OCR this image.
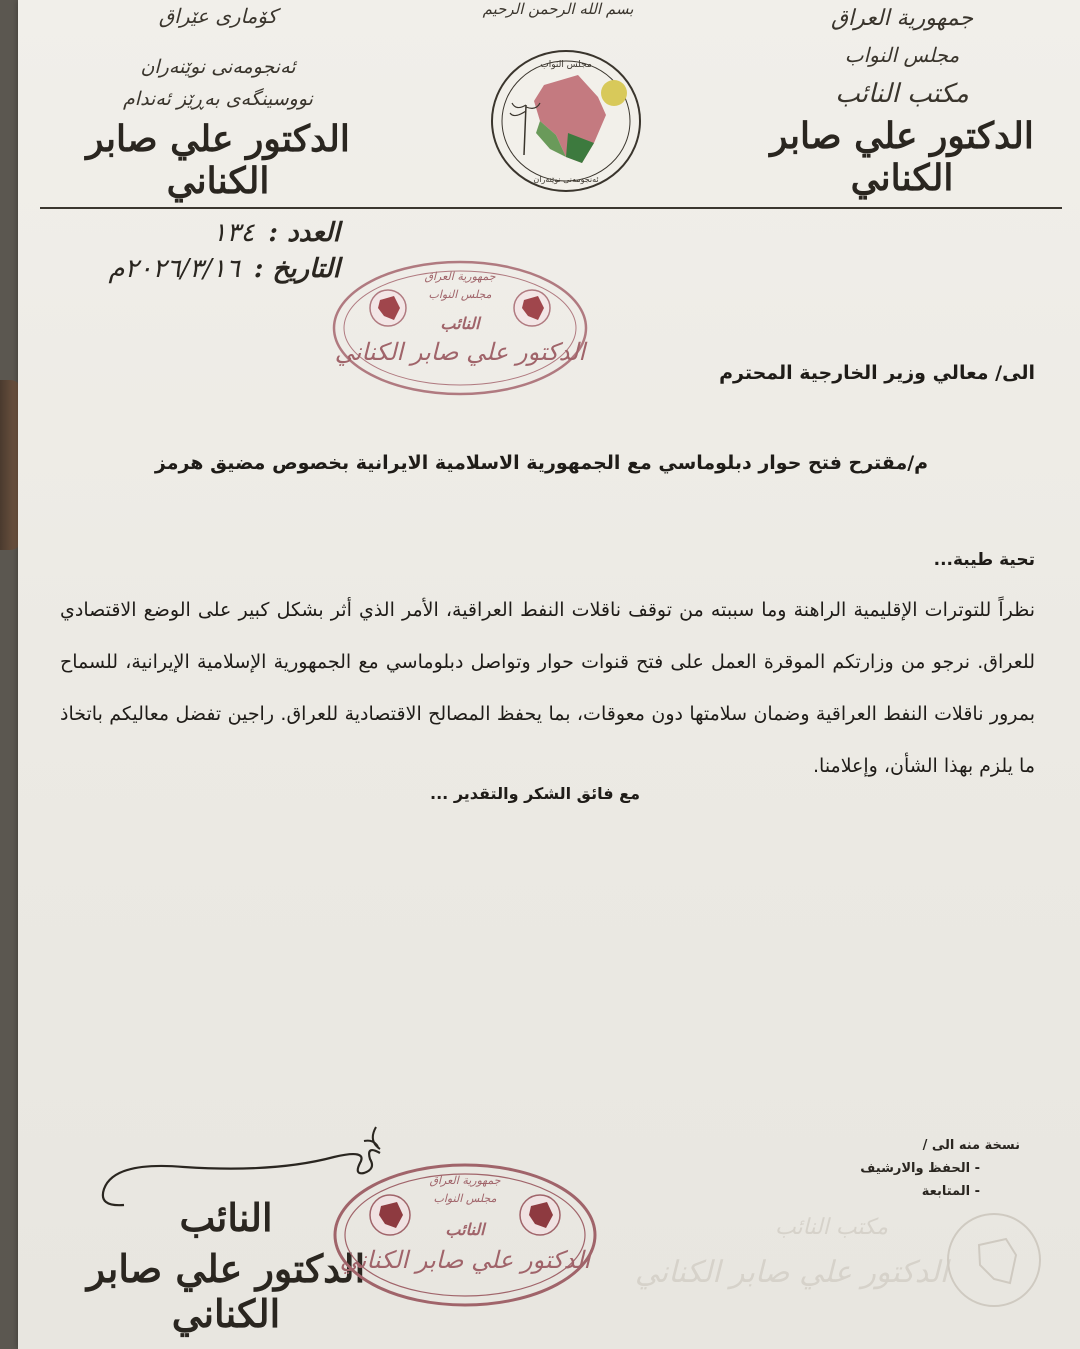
كۆماری عێراق
ئەنجومەنی نوێنەران
نووسینگەی بەڕێز ئەندام
الدكتور علي صابر الكناني
بسم الله الرحمن الرحيم
مجلس النواب
ئەنجومەنی نوێنەران
جمهورية العراق
مجلس النواب
مكتب النائب
الدكتور علي صابر الكناني
العدد :١٣٤
التاريخ :٢٠٢٦/٣/١٦م	جمهورية العراق
مجلس النواب
النائب
الدكتور علي صابر الكناني
الى/ معالي وزير الخارجية المحترم
م/مقترح فتح حوار دبلوماسي مع الجمهورية الاسلامية الايرانية بخصوص مضيق هرمز
تحية طيبة...
نظراً للتوترات الإقليمية الراهنة وما سببته من توقف ناقلات النفط العراقية، الأمر الذي أثر بشكل كبير على الوضع الاقتصادي للعراق. نرجو من وزارتكم الموقرة العمل على فتح قنوات حوار وتواصل دبلوماسي مع الجمهورية الإسلامية الإيرانية، للسماح بمرور ناقلات النفط العراقية وضمان سلامتها دون معوقات، بما يحفظ المصالح الاقتصادية للعراق. راجين تفضل معاليكم باتخاذ ما يلزم بهذا الشأن، وإعلامنا.
مع فائق الشكر والتقدير ...
نسخة منه الى /
- الحفظ والارشيف
- المتابعة
النائب
الدكتور علي صابر الكناني
جمهورية العراق
مجلس النواب
النائب
الدكتور علي صابر الكناني
مكتب النائب
الدكتور علي صابر الكناني
